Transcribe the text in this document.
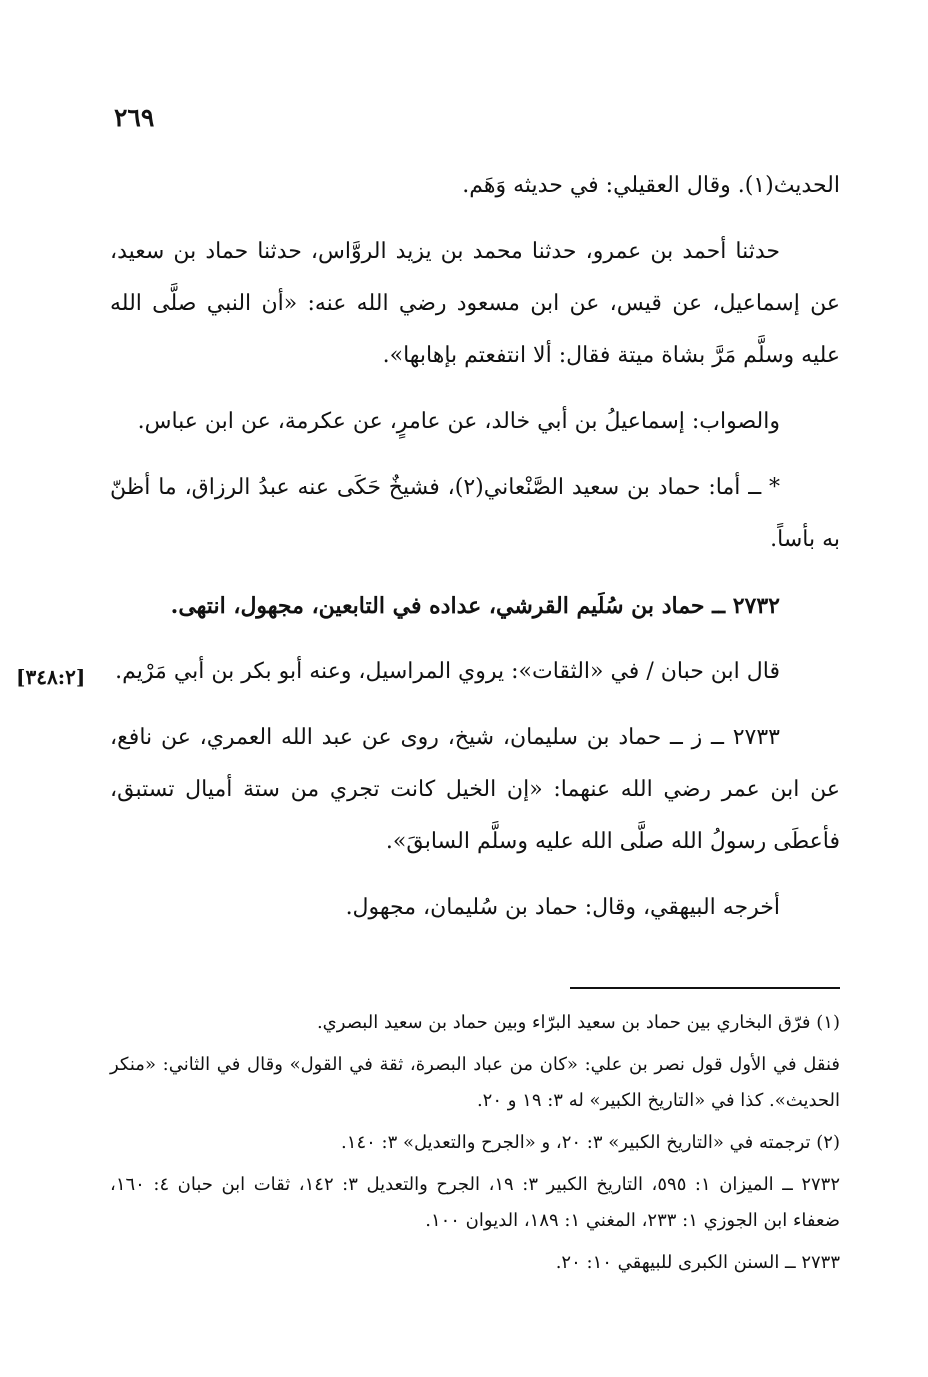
٢٦٩
[٣٤٨:٢]

الحديث(١). وقال العقيلي: في حديثه وَهَم.

حدثنا أحمد بن عمرو، حدثنا محمد بن يزيد الروَّاس، حدثنا حماد بن سعيد، عن إسماعيل، عن قيس، عن ابن مسعود رضي الله عنه: «أن النبي صلَّى الله عليه وسلَّم مَرَّ بشاة ميتة فقال: ألا انتفعتم بإهابها».

والصواب: إسماعيلُ بن أبي خالد، عن عامرٍ، عن عكرمة، عن ابن عباس.

* ــ أما: حماد بن سعيد الصَّنْعاني(٢)، فشيخٌ حَكَى عنه عبدُ الرزاق، ما أظنّ به بأساً.

٢٧٣٢ ــ حماد بن سُلَيم القرشي، عداده في التابعين، مجهول، انتهى.

قال ابن حبان / في «الثقات»: يروي المراسيل، وعنه أبو بكر بن أبي مَرْيم.

٢٧٣٣ ــ ز ــ حماد بن سليمان، شيخ، روى عن عبد الله العمري، عن نافع، عن ابن عمر رضي الله عنهما: «إن الخيل كانت تجري من ستة أميال تستبق، فأعطَى رسولُ الله صلَّى الله عليه وسلَّم السابقَ».

أخرجه البيهقي، وقال: حماد بن سُليمان، مجهول.

(١) فرّق البخاري بين حماد بن سعيد البرّاء وبين حماد بن سعيد البصري.

فنقل في الأول قول نصر بن علي: «كان من عباد البصرة، ثقة في القول» وقال في الثاني: «منكر الحديث». كذا في «التاريخ الكبير» له ٣: ١٩ و ٢٠.

(٢) ترجمته في «التاريخ الكبير» ٣: ٢٠، و «الجرح والتعديل» ٣: ١٤٠.

٢٧٣٢ ــ الميزان ١: ٥٩٥، التاريخ الكبير ٣: ١٩، الجرح والتعديل ٣: ١٤٢، ثقات ابن حبان ٤: ١٦٠، ضعفاء ابن الجوزي ١: ٢٣٣، المغني ١: ١٨٩، الديوان ١٠٠.

٢٧٣٣ ــ السنن الكبرى للبيهقي ١٠: ٢٠.
